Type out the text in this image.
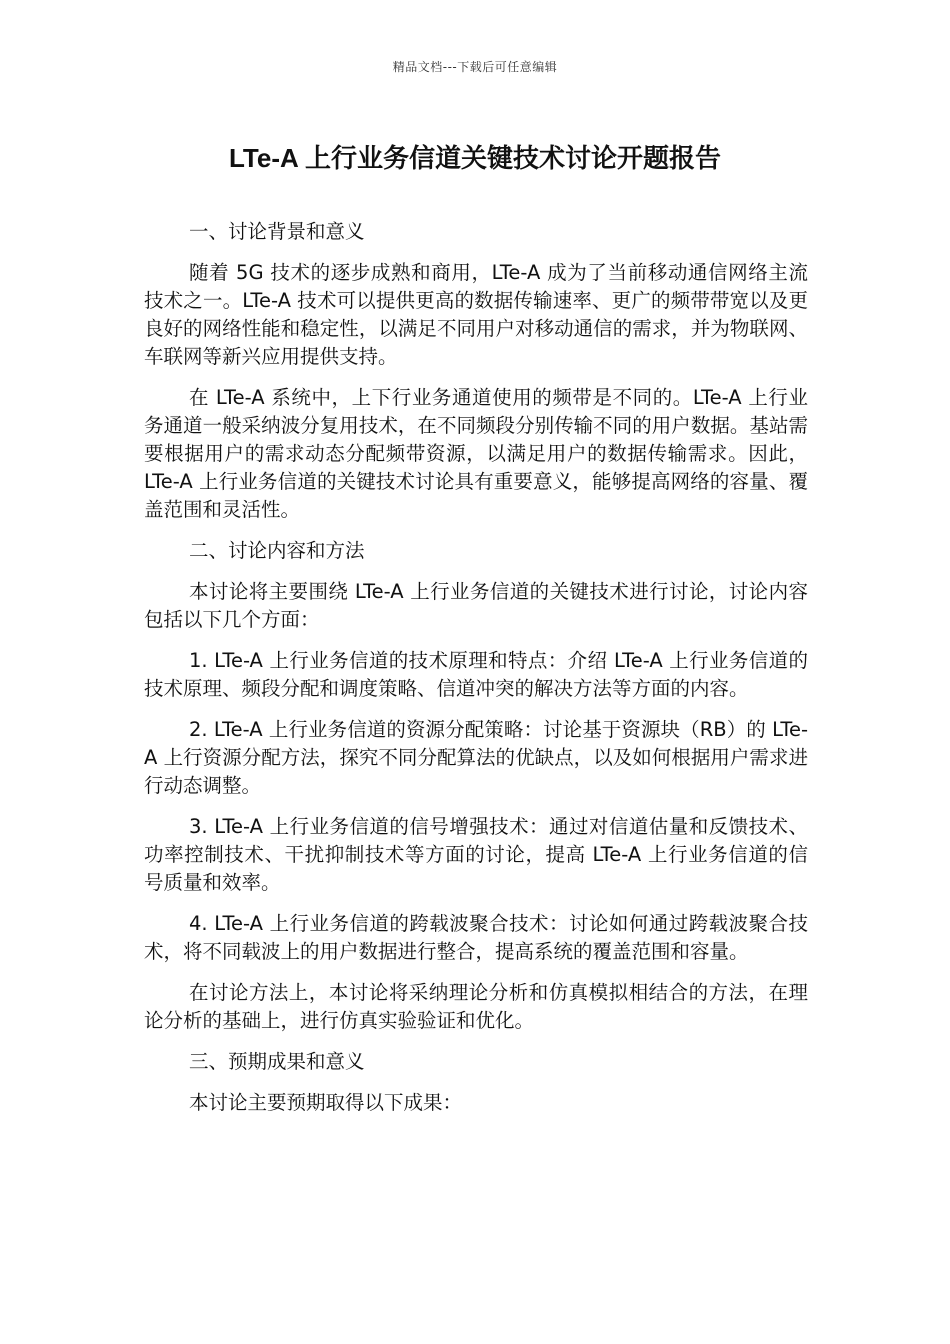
精品文档---下载后可任意编辑
LTe-A 上行业务信道关键技术讨论开题报告
一、讨论背景和意义

随着 5G 技术的逐步成熟和商用，LTe-A 成为了当前移动通信网络主流技术之一。LTe-A 技术可以提供更高的数据传输速率、更广的频带带宽以及更良好的网络性能和稳定性，以满足不同用户对移动通信的需求，并为物联网、车联网等新兴应用提供支持。

在 LTe-A 系统中，上下行业务通道使用的频带是不同的。LTe-A 上行业务通道一般采纳波分复用技术，在不同频段分别传输不同的用户数据。基站需要根据用户的需求动态分配频带资源，以满足用户的数据传输需求。因此，LTe-A 上行业务信道的关键技术讨论具有重要意义，能够提高网络的容量、覆盖范围和灵活性。

二、讨论内容和方法

本讨论将主要围绕 LTe-A 上行业务信道的关键技术进行讨论，讨论内容包括以下几个方面：

1. LTe-A 上行业务信道的技术原理和特点：介绍 LTe-A 上行业务信道的技术原理、频段分配和调度策略、信道冲突的解决方法等方面的内容。

2. LTe-A 上行业务信道的资源分配策略：讨论基于资源块（RB）的 LTe-A 上行资源分配方法，探究不同分配算法的优缺点，以及如何根据用户需求进行动态调整。

3. LTe-A 上行业务信道的信号增强技术：通过对信道估量和反馈技术、功率控制技术、干扰抑制技术等方面的讨论，提高 LTe-A 上行业务信道的信号质量和效率。

4. LTe-A 上行业务信道的跨载波聚合技术：讨论如何通过跨载波聚合技术，将不同载波上的用户数据进行整合，提高系统的覆盖范围和容量。

在讨论方法上，本讨论将采纳理论分析和仿真模拟相结合的方法，在理论分析的基础上，进行仿真实验验证和优化。

三、预期成果和意义

本讨论主要预期取得以下成果：
